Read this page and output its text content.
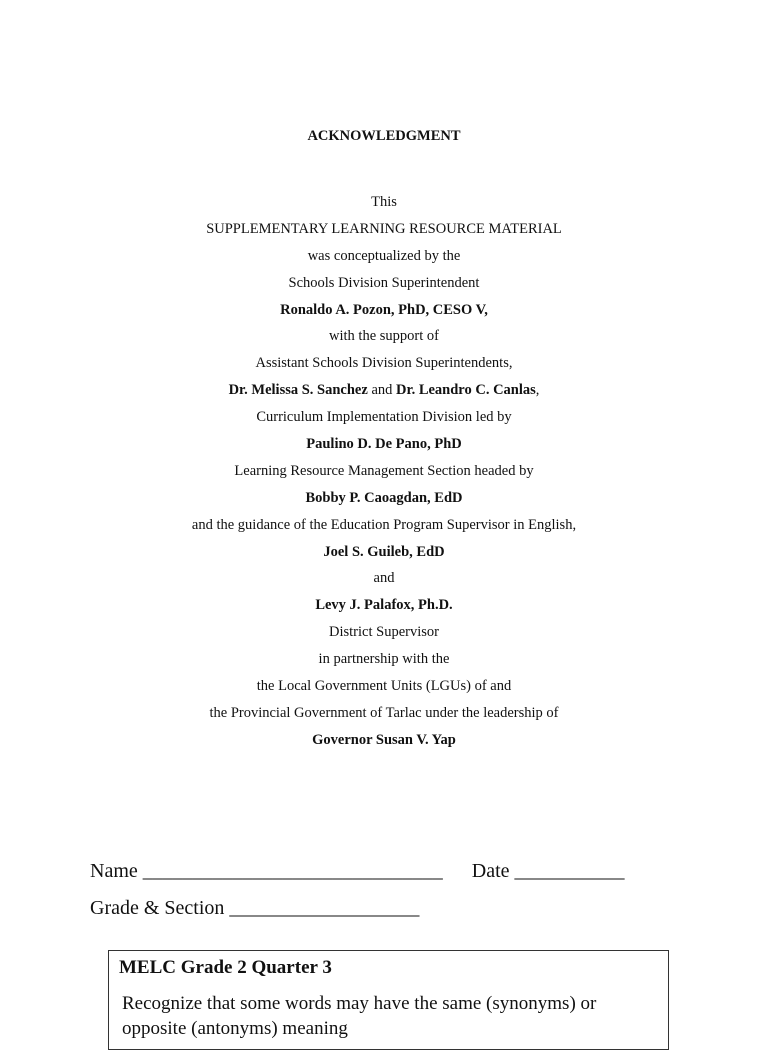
ACKNOWLEDGMENT
This
SUPPLEMENTARY LEARNING RESOURCE MATERIAL
was conceptualized by the
Schools Division Superintendent
Ronaldo A. Pozon, PhD, CESO V,
with the support of
Assistant Schools Division Superintendents,
Dr. Melissa S. Sanchez and Dr. Leandro C. Canlas,
Curriculum Implementation Division led by
Paulino D. De Pano, PhD
Learning Resource Management Section headed by
Bobby P. Caoagdan, EdD
and the guidance of the Education Program Supervisor in English,
Joel S. Guileb, EdD
and
Levy J. Palafox, Ph.D.
District Supervisor
in partnership with the
the Local Government Units (LGUs) of and
the Provincial Government of Tarlac under the leadership of
Governor Susan V. Yap
Name ______________________________ Date ___________
Grade & Section ___________________
MELC Grade 2 Quarter 3
Recognize that some words may have the same (synonyms) or opposite (antonyms) meaning
